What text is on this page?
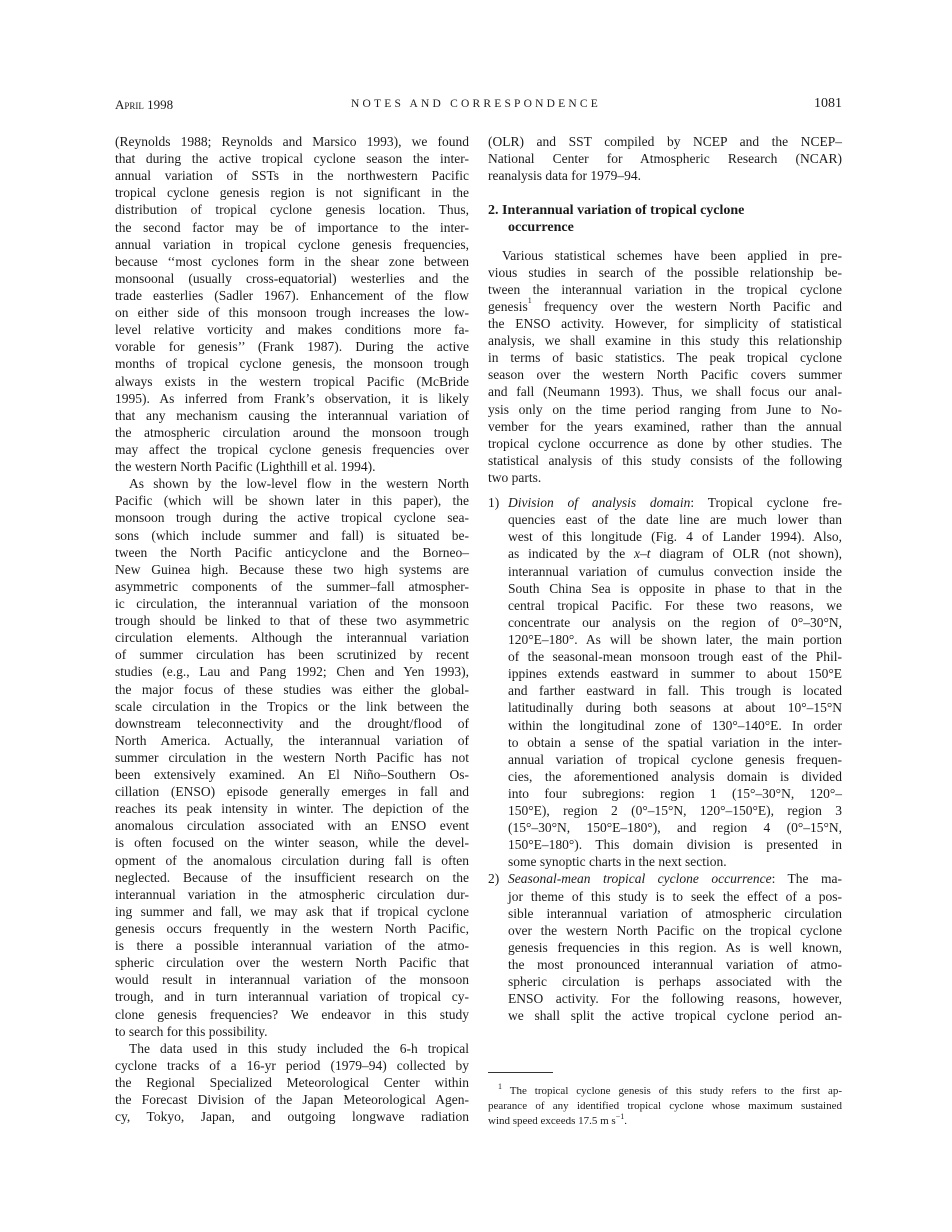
April 1998	NOTES AND CORRESPONDENCE	1081
(Reynolds 1988; Reynolds and Marsico 1993), we found
that during the active tropical cyclone season the inter-
annual variation of SSTs in the northwestern Pacific
tropical cyclone genesis region is not significant in the
distribution of tropical cyclone genesis location. Thus,
the second factor may be of importance to the inter-
annual variation in tropical cyclone genesis frequencies,
because ‘‘most cyclones form in the shear zone between
monsoonal (usually cross-equatorial) westerlies and the
trade easterlies (Sadler 1967). Enhancement of the flow
on either side of this monsoon trough increases the low-
level relative vorticity and makes conditions more fa-
vorable for genesis’’ (Frank 1987). During the active
months of tropical cyclone genesis, the monsoon trough
always exists in the western tropical Pacific (McBride
1995). As inferred from Frank’s observation, it is likely
that any mechanism causing the interannual variation of
the atmospheric circulation around the monsoon trough
may affect the tropical cyclone genesis frequencies over
the western North Pacific (Lighthill et al. 1994).
As shown by the low-level flow in the western North
Pacific (which will be shown later in this paper), the
monsoon trough during the active tropical cyclone sea-
sons (which include summer and fall) is situated be-
tween the North Pacific anticyclone and the Borneo–
New Guinea high. Because these two high systems are
asymmetric components of the summer–fall atmospher-
ic circulation, the interannual variation of the monsoon
trough should be linked to that of these two asymmetric
circulation elements. Although the interannual variation
of summer circulation has been scrutinized by recent
studies (e.g., Lau and Pang 1992; Chen and Yen 1993),
the major focus of these studies was either the global-
scale circulation in the Tropics or the link between the
downstream teleconnectivity and the drought/flood of
North America. Actually, the interannual variation of
summer circulation in the western North Pacific has not
been extensively examined. An El Niño–Southern Os-
cillation (ENSO) episode generally emerges in fall and
reaches its peak intensity in winter. The depiction of the
anomalous circulation associated with an ENSO event
is often focused on the winter season, while the devel-
opment of the anomalous circulation during fall is often
neglected. Because of the insufficient research on the
interannual variation in the atmospheric circulation dur-
ing summer and fall, we may ask that if tropical cyclone
genesis occurs frequently in the western North Pacific,
is there a possible interannual variation of the atmo-
spheric circulation over the western North Pacific that
would result in interannual variation of the monsoon
trough, and in turn interannual variation of tropical cy-
clone genesis frequencies? We endeavor in this study
to search for this possibility.
The data used in this study included the 6-h tropical
cyclone tracks of a 16-yr period (1979–94) collected by
the Regional Specialized Meteorological Center within
the Forecast Division of the Japan Meteorological Agen-
cy, Tokyo, Japan, and outgoing longwave radiation
(OLR) and SST compiled by NCEP and the NCEP–
National Center for Atmospheric Research (NCAR)
reanalysis data for 1979–94.
2. Interannual variation of tropical cyclone
occurrence
Various statistical schemes have been applied in pre-
vious studies in search of the possible relationship be-
tween the interannual variation in the tropical cyclone
genesis$^1$ frequency over the western North Pacific and
the ENSO activity. However, for simplicity of statistical
analysis, we shall examine in this study this relationship
in terms of basic statistics. The peak tropical cyclone
season over the western North Pacific covers summer
and fall (Neumann 1993). Thus, we shall focus our anal-
ysis only on the time period ranging from June to No-
vember for the years examined, rather than the annual
tropical cyclone occurrence as done by other studies. The
statistical analysis of this study consists of the following
two parts.
1) Division of analysis domain: Tropical cyclone fre-
quencies east of the date line are much lower than
west of this longitude (Fig. 4 of Lander 1994). Also,
as indicated by the x–t diagram of OLR (not shown),
interannual variation of cumulus convection inside the
South China Sea is opposite in phase to that in the
central tropical Pacific. For these two reasons, we
concentrate our analysis on the region of 0°–30°N,
120°E–180°. As will be shown later, the main portion
of the seasonal-mean monsoon trough east of the Phil-
ippines extends eastward in summer to about 150°E
and farther eastward in fall. This trough is located
latitudinally during both seasons at about 10°–15°N
within the longitudinal zone of 130°–140°E. In order
to obtain a sense of the spatial variation in the inter-
annual variation of tropical cyclone genesis frequen-
cies, the aforementioned analysis domain is divided
into four subregions: region 1 (15°–30°N, 120°–
150°E), region 2 (0°–15°N, 120°–150°E), region 3
(15°–30°N, 150°E–180°), and region 4 (0°–15°N,
150°E–180°). This domain division is presented in
some synoptic charts in the next section.
2) Seasonal-mean tropical cyclone occurrence: The ma-
jor theme of this study is to seek the effect of a pos-
sible interannual variation of atmospheric circulation
over the western North Pacific on the tropical cyclone
genesis frequencies in this region. As is well known,
the most pronounced interannual variation of atmo-
spheric circulation is perhaps associated with the
ENSO activity. For the following reasons, however,
we shall split the active tropical cyclone period an-
$^1$ The tropical cyclone genesis of this study refers to the first ap-
pearance of any identified tropical cyclone whose maximum sustained
wind speed exceeds 17.5 m $s^{-1}$.
